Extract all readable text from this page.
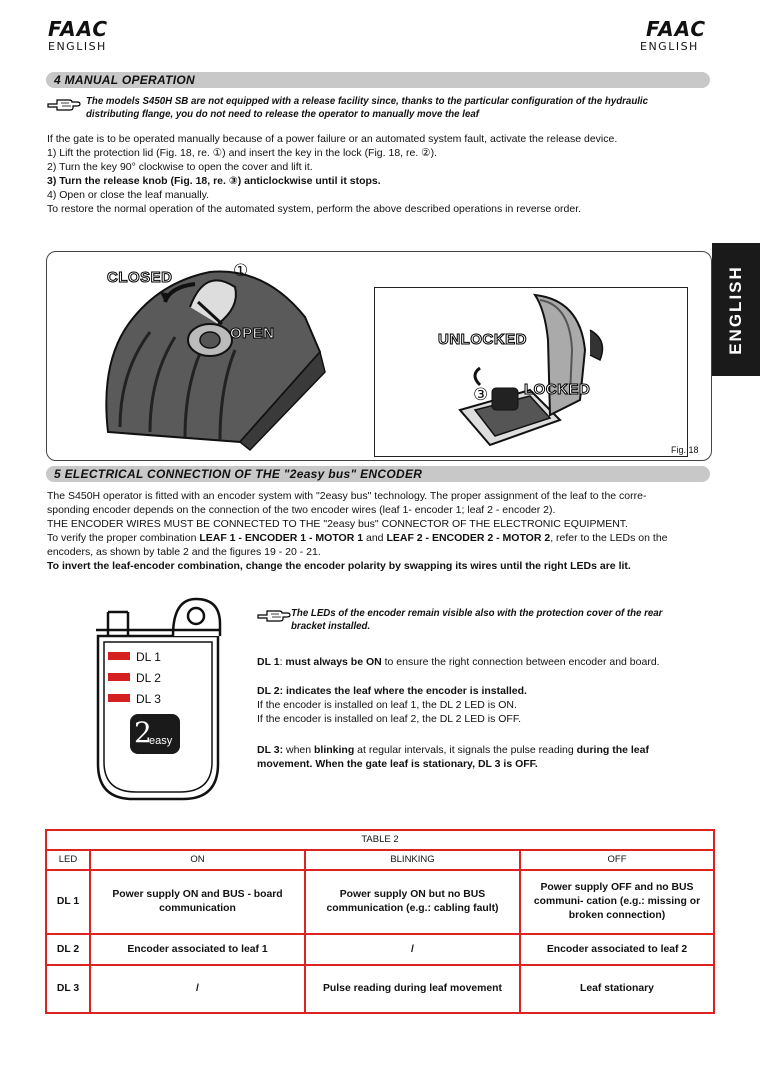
FAAC
ENGLISH
FAAC
ENGLISH
ENGLISH
4 MANUAL OPERATION
The models S450H SB are not equipped with a release facility since, thanks to the particular configuration of the hydraulic
distributing flange, you do not need to release the operator to manually move the leaf
If the gate is to be operated manually because of a power failure or an automated system fault, activate the release device.
1) Lift the protection lid (Fig. 18, re. ①) and insert the key in the lock (Fig. 18, re. ②).
2) Turn the key 90° clockwise to open the cover and lift it.
3) Turn the release knob (Fig. 18, re. ③) anticlockwise until it stops.
4) Open or close the leaf manually.
To restore the normal operation of the automated system, perform the above described operations in reverse order.
CLOSED
OPEN
①
UNLOCKED
LOCKED
③
Fig. 18
5 ELECTRICAL CONNECTION OF THE "2easy bus" ENCODER
The S450H operator is fitted with an encoder system with "2easy bus" technology. The proper assignment of the leaf to the corre-
sponding encoder depends on the connection of the two encoder wires (leaf 1- encoder 1; leaf 2 - encoder 2).
THE ENCODER WIRES MUST BE CONNECTED TO THE "2easy bus" CONNECTOR OF THE ELECTRONIC EQUIPMENT.
To verify the proper combination LEAF 1 - ENCODER 1 - MOTOR 1 and LEAF 2 - ENCODER 2 - MOTOR 2, refer to the LEDs on the
encoders, as shown by table 2 and the figures 19 - 20 - 21.
To invert the leaf-encoder combination, change the encoder polarity by swapping its wires until the right LEDs are lit.
DL 1
DL 2
DL 3
2
easy
The LEDs of the encoder remain visible also with the protection cover of the rear
bracket installed.
DL 1: must always be ON to ensure the right connection between encoder and board.
DL 2: indicates the leaf where the encoder is installed.
If the encoder is installed on leaf 1, the DL 2 LED is ON.
If the encoder is installed on leaf 2, the DL 2 LED is OFF.
DL 3: when blinking at regular intervals, it signals the pulse reading during the leaf
movement. When the gate leaf is stationary, DL 3 is OFF.
TABLE 2			
LED	ON	BLINKING	OFF
DL 1	Power supply ON and BUS - board communication	Power supply ON but no BUS communication (e.g.: cabling fault)	Power supply OFF and no BUS communi- cation (e.g.: missing or broken connection)
DL 2	Encoder associated to leaf 1	/	Encoder associated to leaf 2
DL 3	/	Pulse reading during leaf movement	Leaf stationary
